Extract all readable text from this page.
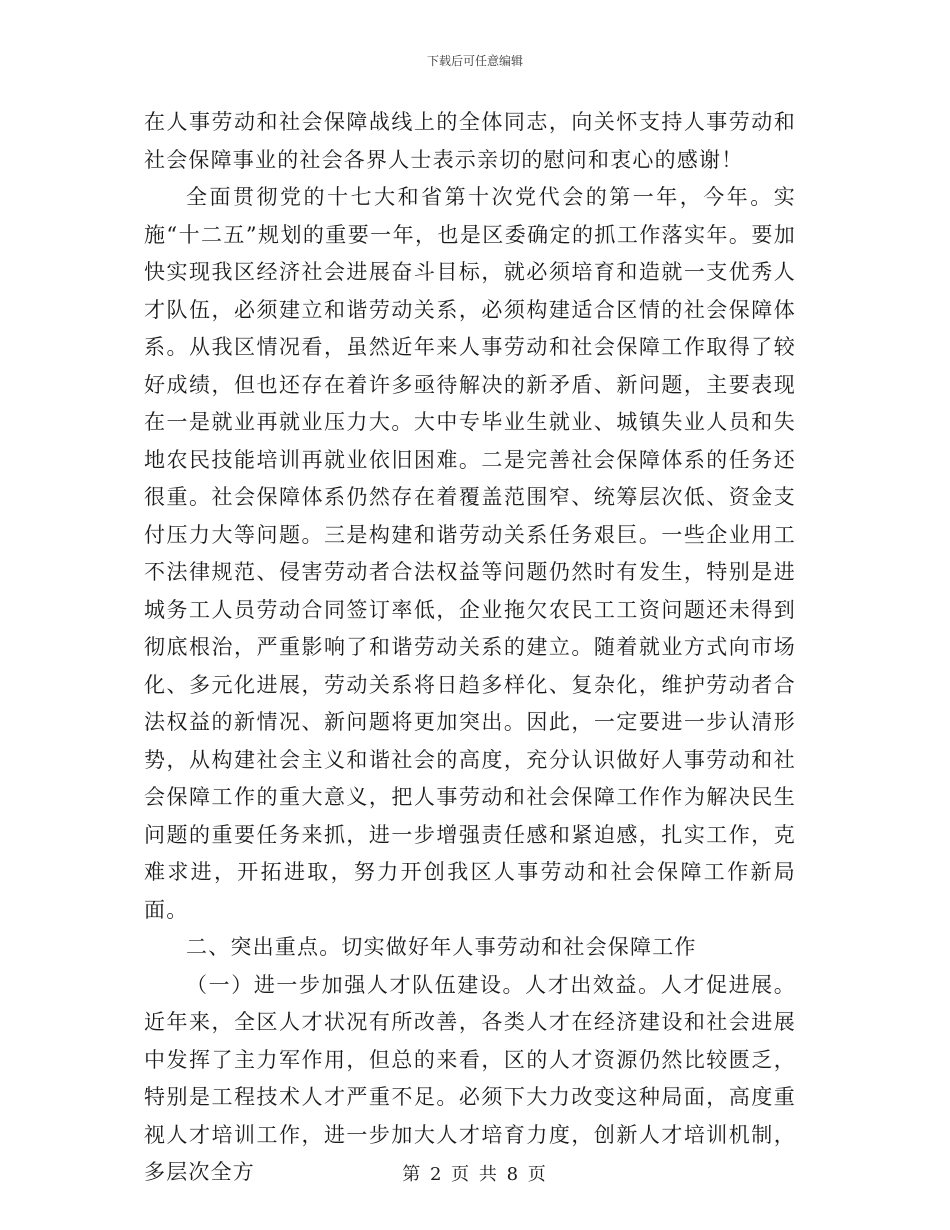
下载后可任意编辑

在人事劳动和社会保障战线上的全体同志，向关怀支持人事劳动和社会保障事业的社会各界人士表示亲切的慰问和衷心的感谢！

全面贯彻党的十七大和省第十次党代会的第一年，今年。实施“十二五”规划的重要一年，也是区委确定的抓工作落实年。要加快实现我区经济社会进展奋斗目标，就必须培育和造就一支优秀人才队伍，必须建立和谐劳动关系，必须构建适合区情的社会保障体系。从我区情况看，虽然近年来人事劳动和社会保障工作取得了较好成绩，但也还存在着许多亟待解决的新矛盾、新问题，主要表现在一是就业再就业压力大。大中专毕业生就业、城镇失业人员和失地农民技能培训再就业依旧困难。二是完善社会保障体系的任务还很重。社会保障体系仍然存在着覆盖范围窄、统筹层次低、资金支付压力大等问题。三是构建和谐劳动关系任务艰巨。一些企业用工不法律规范、侵害劳动者合法权益等问题仍然时有发生，特别是进城务工人员劳动合同签订率低，企业拖欠农民工工资问题还未得到彻底根治，严重影响了和谐劳动关系的建立。随着就业方式向市场化、多元化进展，劳动关系将日趋多样化、复杂化，维护劳动者合法权益的新情况、新问题将更加突出。因此，一定要进一步认清形势，从构建社会主义和谐社会的高度，充分认识做好人事劳动和社会保障工作的重大意义，把人事劳动和社会保障工作作为解决民生问题的重要任务来抓，进一步增强责任感和紧迫感，扎实工作，克难求进，开拓进取，努力开创我区人事劳动和社会保障工作新局面。

二、突出重点。切实做好年人事劳动和社会保障工作

（一）进一步加强人才队伍建设。人才出效益。人才促进展。近年来，全区人才状况有所改善，各类人才在经济建设和社会进展中发挥了主力军作用，但总的来看，区的人才资源仍然比较匮乏，特别是工程技术人才严重不足。必须下大力改变这种局面，高度重视人才培训工作，进一步加大人才培育力度，创新人才培训机制，多层次全方	第 2 页 共 8 页
